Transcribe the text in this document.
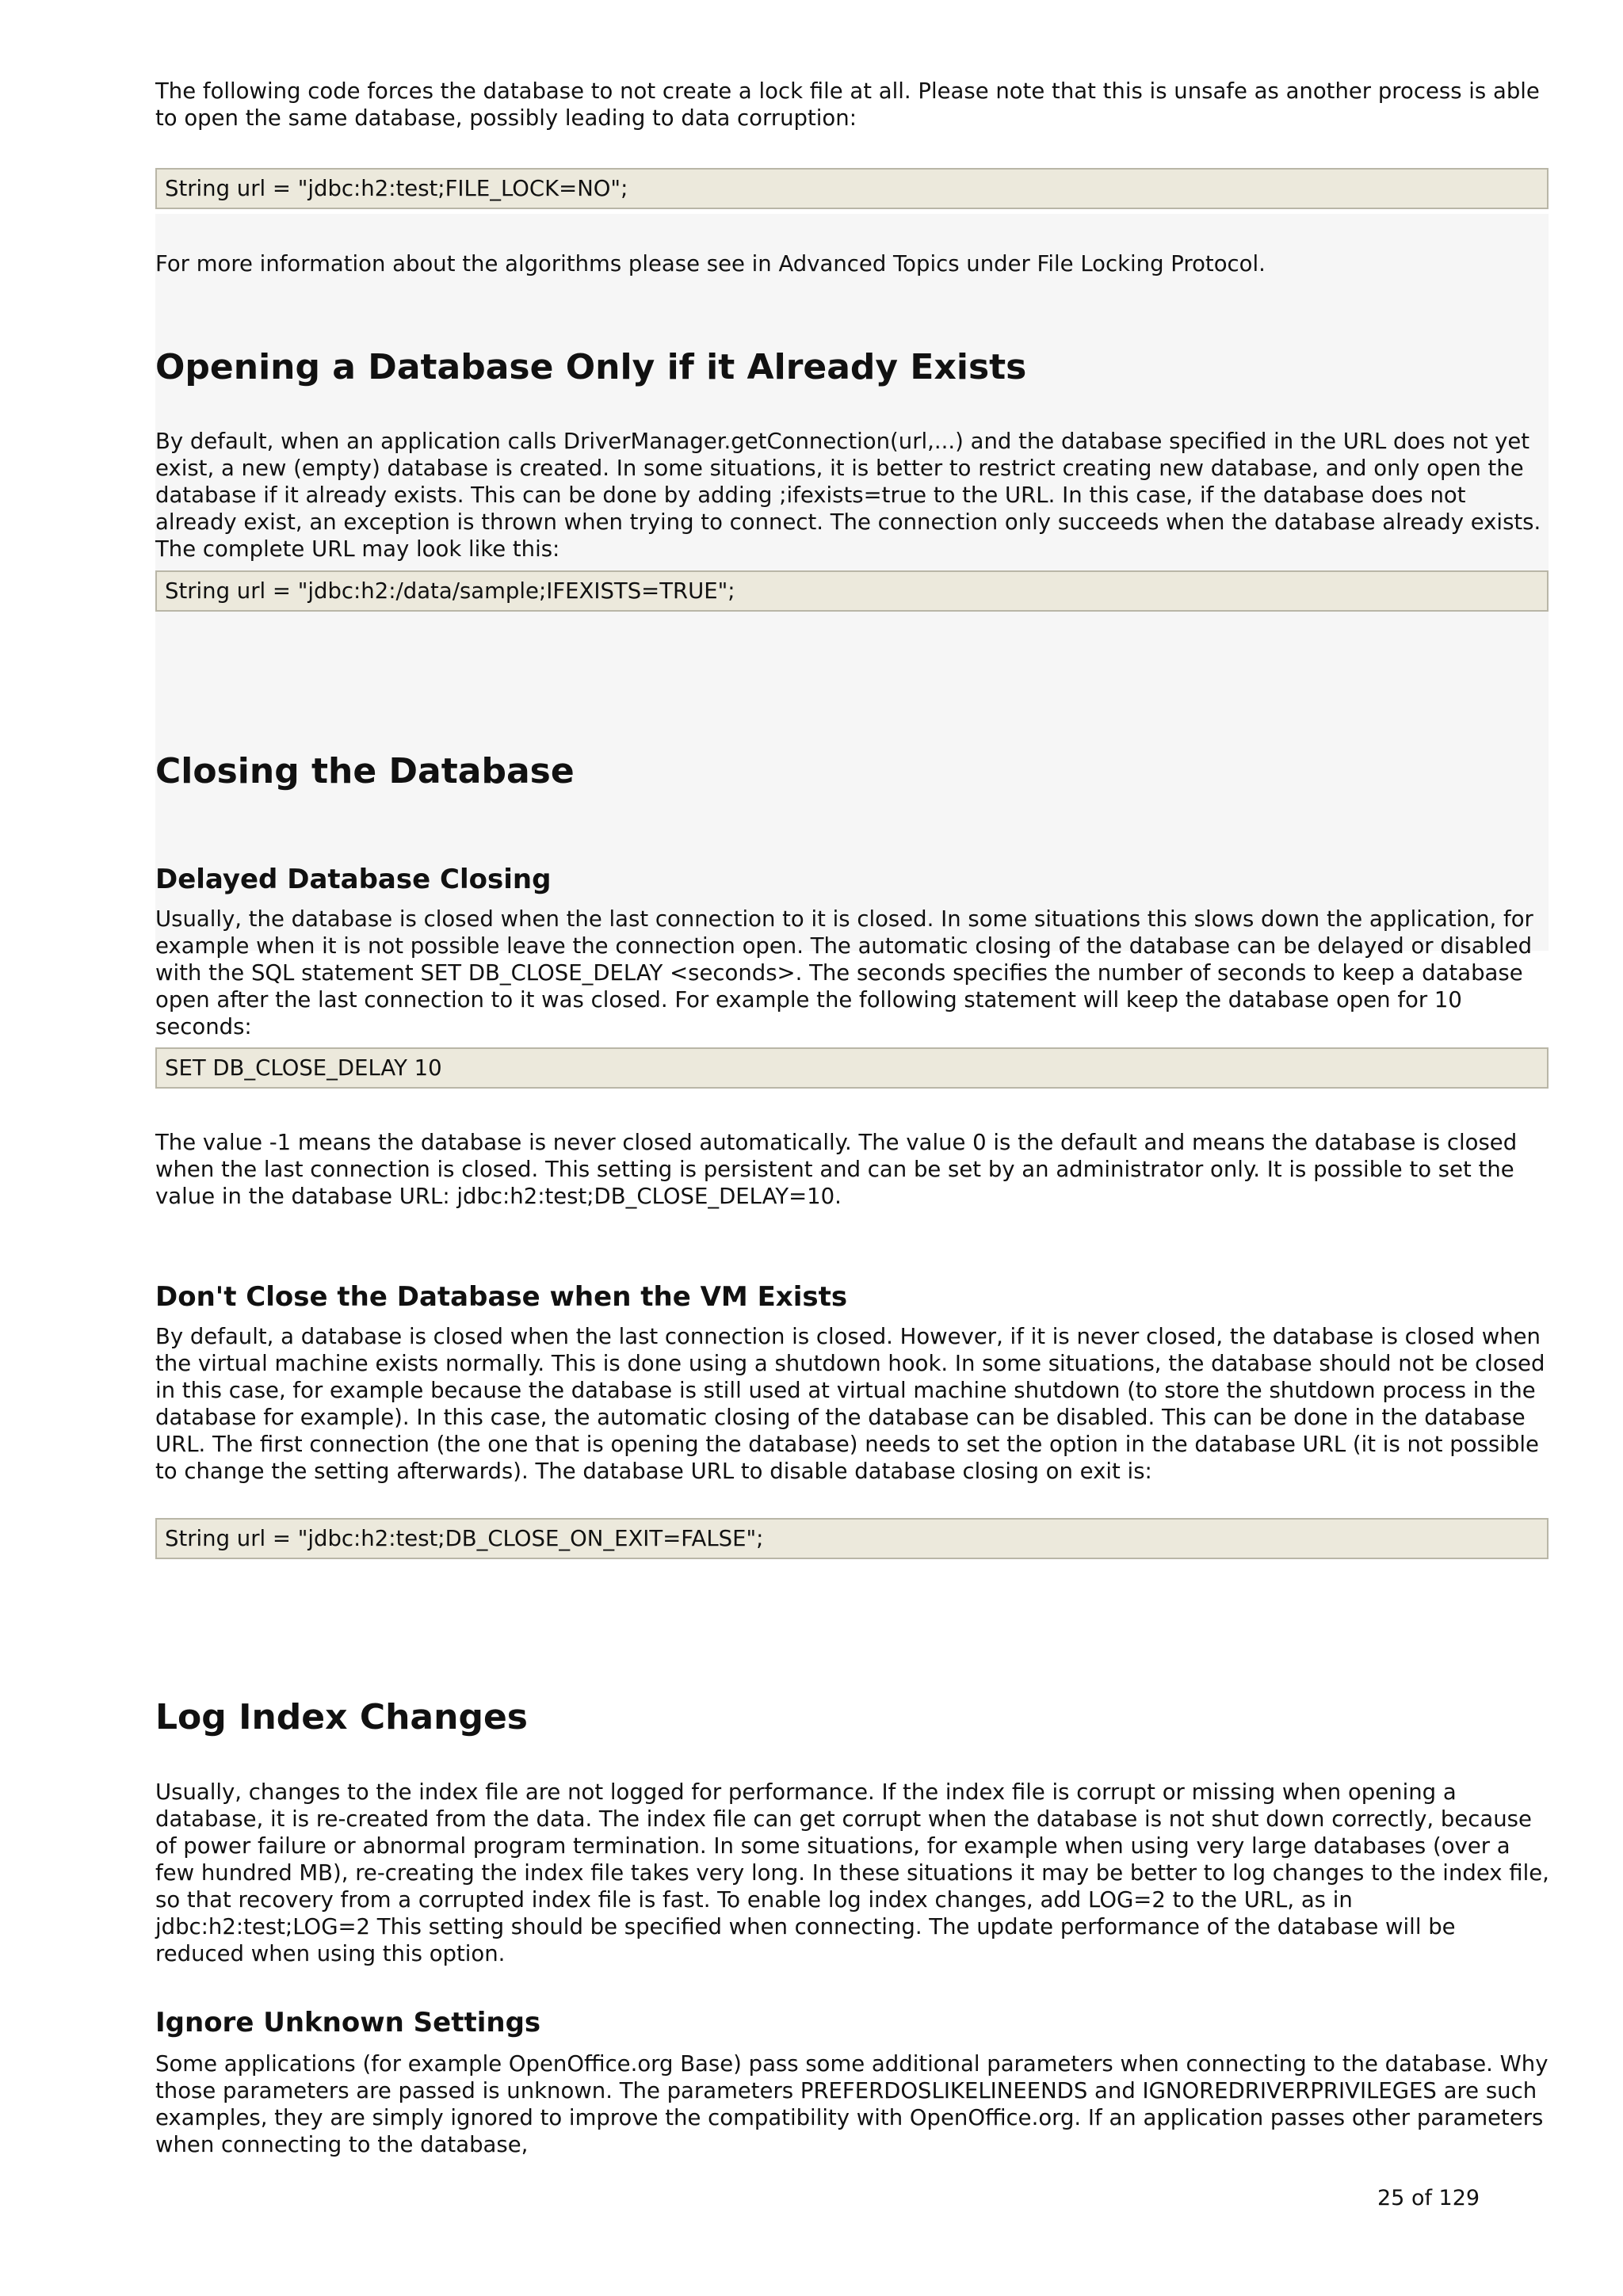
The following code forces the database to not create a lock file at all. Please note that this is unsafe as another process is able to open the same database, possibly leading to data corruption:

String url = "jdbc:h2:test;FILE_LOCK=NO";

For more information about the algorithms please see in Advanced Topics under File Locking Protocol.

Opening a Database Only if it Already Exists

By default, when an application calls DriverManager.getConnection(url,...) and the database specified in the URL does not yet exist, a new (empty) database is created. In some situations, it is better to restrict creating new database, and only open the database if it already exists. This can be done by adding ;ifexists=true to the URL. In this case, if the database does not already exist, an exception is thrown when trying to connect. The connection only succeeds when the database already exists. The complete URL may look like this:

String url = "jdbc:h2:/data/sample;IFEXISTS=TRUE";
Closing the Database
Delayed Database Closing

Usually, the database is closed when the last connection to it is closed. In some situations this slows down the application, for example when it is not possible leave the connection open. The automatic closing of the database can be delayed or disabled with the SQL statement SET DB_CLOSE_DELAY <seconds>. The seconds specifies the number of seconds to keep a database open after the last connection to it was closed. For example the following statement will keep the database open for 10 seconds:

SET DB_CLOSE_DELAY 10

The value -1 means the database is never closed automatically. The value 0 is the default and means the database is closed when the last connection is closed. This setting is persistent and can be set by an administrator only. It is possible to set the value in the database URL: jdbc:h2:test;DB_CLOSE_DELAY=10.

Don't Close the Database when the VM Exists

By default, a database is closed when the last connection is closed. However, if it is never closed, the database is closed when the virtual machine exists normally. This is done using a shutdown hook. In some situations, the database should not be closed in this case, for example because the database is still used at virtual machine shutdown (to store the shutdown process in the database for example). In this case, the automatic closing of the database can be disabled. This can be done in the database URL. The first connection (the one that is opening the database) needs to set the option in the database URL (it is not possible to change the setting afterwards). The database URL to disable database closing on exit is:

String url = "jdbc:h2:test;DB_CLOSE_ON_EXIT=FALSE";
Log Index Changes

Usually, changes to the index file are not logged for performance. If the index file is corrupt or missing when opening a database, it is re-created from the data. The index file can get corrupt when the database is not shut down correctly, because of power failure or abnormal program termination. In some situations, for example when using very large databases (over a few hundred MB), re-creating the index file takes very long. In these situations it may be better to log changes to the index file, so that recovery from a corrupted index file is fast. To enable log index changes, add LOG=2 to the URL, as in jdbc:h2:test;LOG=2 This setting should be specified when connecting. The update performance of the database will be reduced when using this option.

Ignore Unknown Settings

Some applications (for example OpenOffice.org Base) pass some additional parameters when connecting to the database. Why those parameters are passed is unknown. The parameters PREFERDOSLIKELINEENDS and IGNOREDRIVERPRIVILEGES are such examples, they are simply ignored to improve the compatibility with OpenOffice.org. If an application passes other parameters when connecting to the database,

25 of 129
